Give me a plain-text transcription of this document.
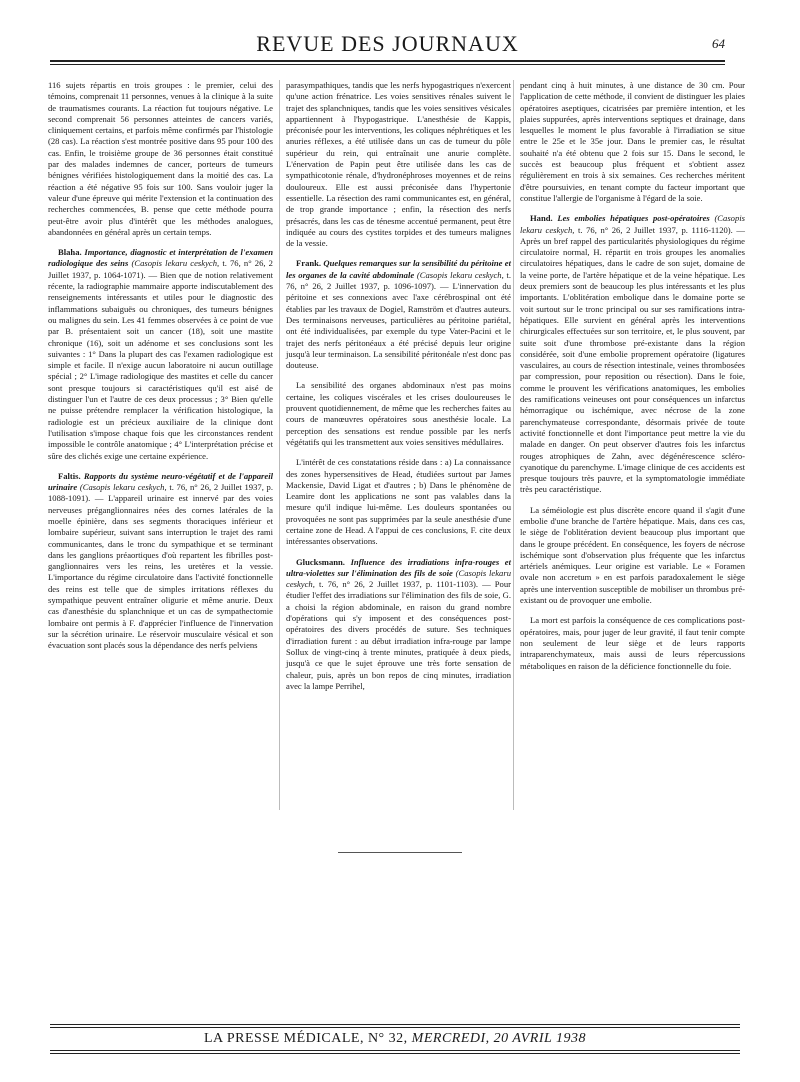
REVUE DES JOURNAUX	64

116 sujets répartis en trois groupes : le premier, celui des témoins, comprenait 11 personnes, venues à la clinique à la suite de traumatismes courants. La réaction fut toujours négative. Le second comprenait 56 personnes atteintes de cancers variés, cliniquement certains, et parfois même confirmés par l'histologie (28 cas). La réaction s'est montrée positive dans 95 pour 100 des cas. Enfin, le troisième groupe de 36 personnes était constitué par des malades indemnes de cancer, porteurs de tumeurs bénignes vérifiées histologiquement dans la moitié des cas. La réaction a été négative 95 fois sur 100. Sans vouloir juger la valeur d'une épreuve qui mérite l'extension et la continuation des recherches commencées, B. pense que cette méthode pourra peut-être avoir plus d'intérêt que les méthodes analogues, abandonnées en général après un certain temps.

Blaha. Importance, diagnostic et interprétation de l'examen radiologique des seins (Casopis lekaru ceskych, t. 76, n° 26, 2 Juillet 1937, p. 1064-1071). — Bien que de notion relativement récente, la radiographie mammaire apporte indiscutablement des renseignements intéressants et utiles pour le diagnostic des inflammations subaiguës ou chroniques, des tumeurs bénignes ou malignes du sein. Les 41 femmes observées à ce point de vue par B. présentaient soit un cancer (18), soit une mastite chronique (16), soit un adénome et ses conclusions sont les suivantes : 1° Dans la plupart des cas l'examen radiologique est simple et facile. Il n'exige aucun laboratoire ni aucun outillage spécial ; 2° L'image radiologique des mastites et celle du cancer sont presque toujours si caractéristiques qu'il est aisé de distinguer l'un et l'autre de ces deux processus ; 3° Bien qu'elle ne puisse prétendre remplacer la vérification histologique, la radiologie est un précieux auxiliaire de la clinique dont l'utilisation s'impose chaque fois que les circonstances rendent impossible le contrôle anatomique ; 4° L'interprétation précise et sûre des clichés exige une certaine expérience.

Faltis. Rapports du système neuro-végétatif et de l'appareil urinaire (Casopis lekaru ceskych, t. 76, n° 26, 2 Juillet 1937, p. 1088-1091). — L'appareil urinaire est innervé par des voies nerveuses préganglionnaires nées des cornes latérales de la moelle épinière, dans ses segments thoraciques inférieur et lombaire supérieur, suivant sans interruption le trajet des rami communicantes, dans le tronc du sympathique et se terminant dans les ganglions préaortiques d'où repartent les fibrilles post-ganglionnaires vers les reins, les uretères et la vessie. L'importance du régime circulatoire dans l'activité fonctionnelle des reins est telle que de simples irritations réflexes du sympathique peuvent entraîner oligurie et même anurie. Deux cas d'anesthésie du splanchnique et un cas de sympathectomie lombaire ont permis à F. d'apprécier l'influence de l'innervation sur la sécrétion urinaire. Le réservoir musculaire vésical et son évacuation sont placés sous la dépendance des nerfs pelviens

parasympathiques, tandis que les nerfs hypogastriques n'exercent qu'une action frénatrice. Les voies sensitives rénales suivent le trajet des splanchniques, tandis que les voies sensitives vésicales appartiennent à l'hypogastrique. L'anesthésie de Kappis, préconisée pour les interventions, les coliques néphrétiques et les anuries réflexes, a été utilisée dans un cas de tumeur du pôle supérieur du rein, qui entraînait une anurie complète. L'énervation de Papin peut être utilisée dans les cas de sympathicotonie rénale, d'hydronéphroses moyennes et de reins douloureux. Elle est aussi préconisée dans l'hypertonie essentielle. La résection des rami communicantes est, en général, de trop grande importance ; enfin, la résection des nerfs présacrés, dans les cas de ténesme accentué permanent, peut être indiquée au cours des cystites torpides et des tumeurs malignes de la vessie.

Frank. Quelques remarques sur la sensibilité du péritoine et les organes de la cavité abdominale (Casopis lekaru ceskych, t. 76, n° 26, 2 Juillet 1937, p. 1096-1097). — L'innervation du péritoine et ses connexions avec l'axe cérébrospinal ont été établies par les travaux de Dogiel, Ramström et d'autres auteurs. Des terminaisons nerveuses, particulières au péritoine pariétal, ont été individualisées, par exemple du type Vater-Pacini et le trajet des nerfs péritonéaux a été précisé depuis leur origine jusqu'à leur terminaison. La sensibilité péritonéale n'est donc pas douteuse.

La sensibilité des organes abdominaux n'est pas moins certaine, les coliques viscérales et les crises douloureuses le prouvent quotidiennement, de même que les recherches faites au cours de manœuvres opératoires sous anesthésie locale. La perception des sensations est rendue possible par les nerfs végétatifs qui les transmettent aux voies sensitives médullaires.

L'intérêt de ces constatations réside dans : a) La connaissance des zones hypersensitives de Head, étudiées surtout par James Mackensie, David Ligat et d'autres ; b) Dans le phénomène de Leamire dont les applications ne sont pas valables dans la mesure qu'il indique lui-même. Les douleurs spontanées ou provoquées ne sont pas supprimées par la seule anesthésie d'une certaine zone de Head. A l'appui de ces conclusions, F. cite deux intéressantes observations.

Glucksmann. Influence des irradiations infra-rouges et ultra-violettes sur l'élimination des fils de soie (Casopis lekaru ceskych, t. 76, n° 26, 2 Juillet 1937, p. 1101-1103). — Pour étudier l'effet des irradiations sur l'élimination des fils de soie, G. a choisi la région abdominale, en raison du grand nombre d'opérations qui s'y imposent et des conséquences post-opératoires des divers procédés de suture. Ses techniques d'irradiation furent : au début irradiation infra-rouge par lampe Sollux de vingt-cinq à trente minutes, pratiquée à deux pieds, jusqu'à ce que le sujet éprouve une très forte sensation de chaleur, puis, après un bon repos de cinq minutes, irradiation avec la lampe Perrihel,

pendant cinq à huit minutes, à une distance de 30 cm. Pour l'application de cette méthode, il convient de distinguer les plaies opératoires aseptiques, cicatrisées par première intention, et les plaies suppurées, après interventions septiques et drainage, dans lesquelles le moment le plus favorable à l'irradiation se situe entre le 25e et le 35e jour. Dans le premier cas, le résultat souhaité n'a été obtenu que 2 fois sur 15. Dans le second, le succès est beaucoup plus fréquent et s'obtient assez régulièrement en trois à six semaines. Ces recherches méritent d'être poursuivies, en tenant compte du facteur important que constitue l'allergie de l'organisme à l'égard de la soie.

Hand. Les embolies hépatiques post-opératoires (Casopis lekaru ceskych, t. 76, n° 26, 2 Juillet 1937, p. 1116-1120). — Après un bref rappel des particularités physiologiques du régime circulatoire normal, H. répartit en trois groupes les anomalies circulatoires hépatiques, dans le cadre de son sujet, domaine de la veine porte, de l'artère hépatique et de la veine hépatique. Les deux premiers sont de beaucoup les plus intéressants et les plus importants. L'oblitération embolique dans le domaine porte se voit surtout sur le tronc principal ou sur ses ramifications intra-hépatiques. Elle survient en général après les interventions chirurgicales effectuées sur son territoire, et, le plus souvent, par suite soit d'une thrombose pré-existante dans la région considérée, soit d'une embolie proprement opératoire (ligatures vasculaires, au cours de résection intestinale, veines thrombosées par compression, pour reposition ou résection). Dans le foie, comme le prouvent les vérifications anatomiques, les embolies des ramifications veineuses ont pour conséquences un infarctus hémorragique ou ischémique, avec nécrose de la zone parenchymateuse correspondante, désormais privée de toute activité fonctionnelle et dont l'importance peut mettre la vie du malade en danger. On peut observer d'autres fois les infarctus rouges atrophiques de Zahn, avec dégénérescence scléro-cyanotique du parenchyme. L'image clinique de ces accidents est presque toujours très pauvre, et la symptomatologie immédiate très peu caractéristique.

La séméiologie est plus discrète encore quand il s'agit d'une embolie d'une branche de l'artère hépatique. Mais, dans ces cas, le siège de l'oblitération devient beaucoup plus important que dans le groupe précédent. En conséquence, les foyers de nécrose ischémique sont d'observation plus fréquente que les infarctus artériels anémiques. Leur origine est variable. Le « Foramen ovale non accretum » en est parfois paradoxalement le siège après une intervention susceptible de mobiliser un thrombus pré-existant ou de provoquer une embolie.

La mort est parfois la conséquence de ces complications post-opératoires, mais, pour juger de leur gravité, il faut tenir compte non seulement de leur siège et de leurs rapports intraparenchymateux, mais aussi de leurs répercussions métaboliques en raison de la déficience fonctionnelle du foie.

LA PRESSE MÉDICALE, N° 32, MERCREDI, 20 AVRIL 1938
